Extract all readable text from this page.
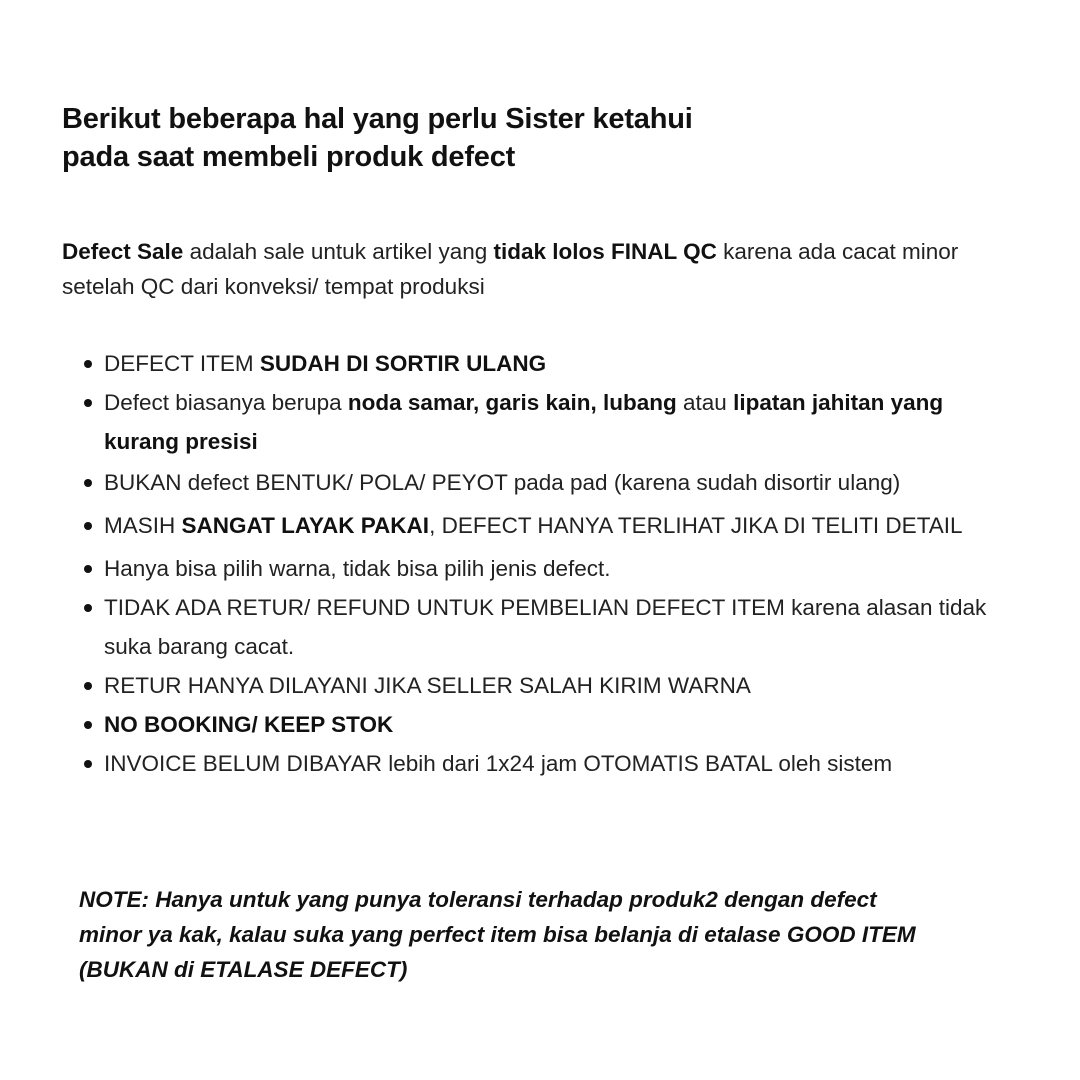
Berikut beberapa hal yang perlu Sister ketahui
pada saat membeli produk defect

Defect Sale adalah sale untuk artikel yang tidak lolos FINAL QC karena ada cacat minor setelah QC dari konveksi/ tempat produksi

DEFECT ITEM SUDAH DI SORTIR ULANG
Defect biasanya berupa noda samar, garis kain, lubang atau lipatan jahitan yang kurang presisi
BUKAN defect BENTUK/ POLA/ PEYOT pada pad (karena sudah disortir ulang)
MASIH SANGAT LAYAK PAKAI, DEFECT HANYA TERLIHAT JIKA DI TELITI DETAIL
Hanya bisa pilih warna, tidak bisa pilih jenis defect.
TIDAK ADA RETUR/ REFUND UNTUK PEMBELIAN DEFECT ITEM karena alasan tidak suka barang cacat.
RETUR HANYA DILAYANI JIKA SELLER SALAH KIRIM WARNA
NO BOOKING/ KEEP STOK
INVOICE BELUM DIBAYAR lebih dari 1x24 jam OTOMATIS BATAL oleh sistem
NOTE: Hanya untuk yang punya toleransi terhadap produk2 dengan defect
minor ya kak, kalau suka yang perfect item bisa belanja di etalase GOOD ITEM
(BUKAN di ETALASE DEFECT)
